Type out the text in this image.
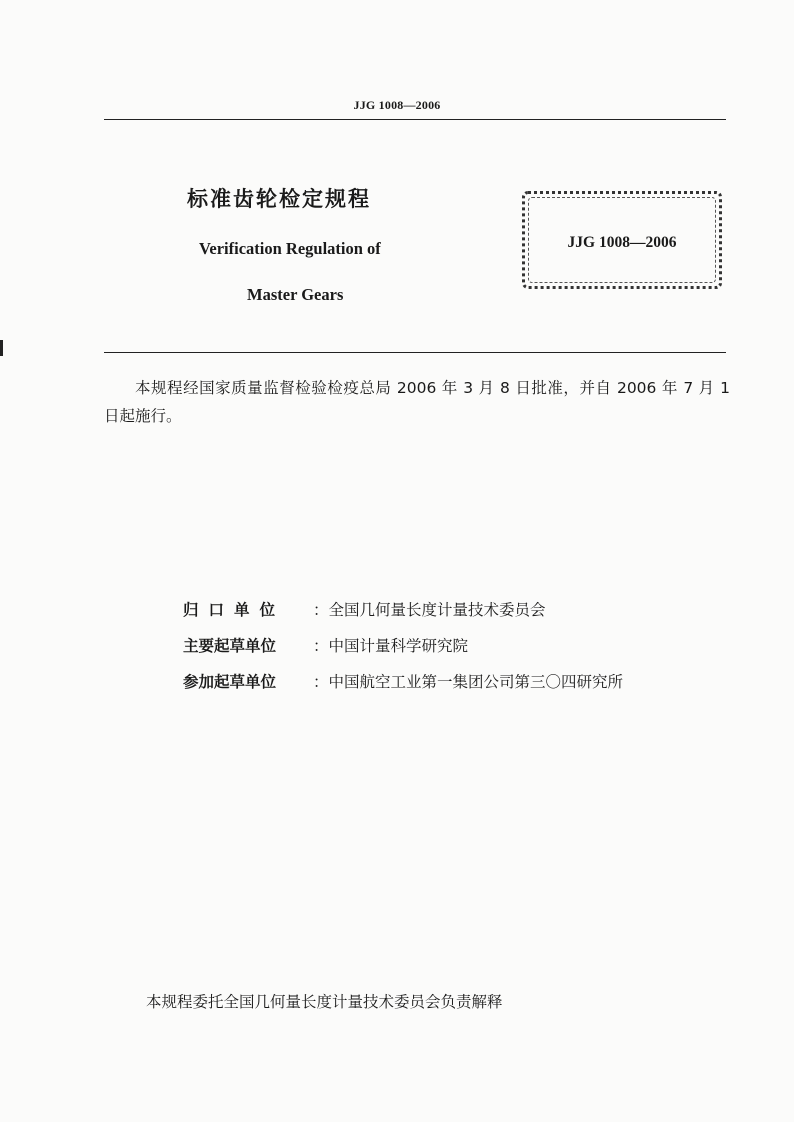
JJG 1008—2006
标准齿轮检定规程
Verification Regulation of
Master Gears
JJG 1008—2006
本规程经国家质量监督检验检疫总局 2006 年 3 月 8 日批准，并自 2006 年 7 月 1 日起施行。
归口单位 ：全国几何量长度计量技术委员会
主要起草单位 ：中国计量科学研究院
参加起草单位 ：中国航空工业第一集团公司第三〇四研究所
本规程委托全国几何量长度计量技术委员会负责解释
